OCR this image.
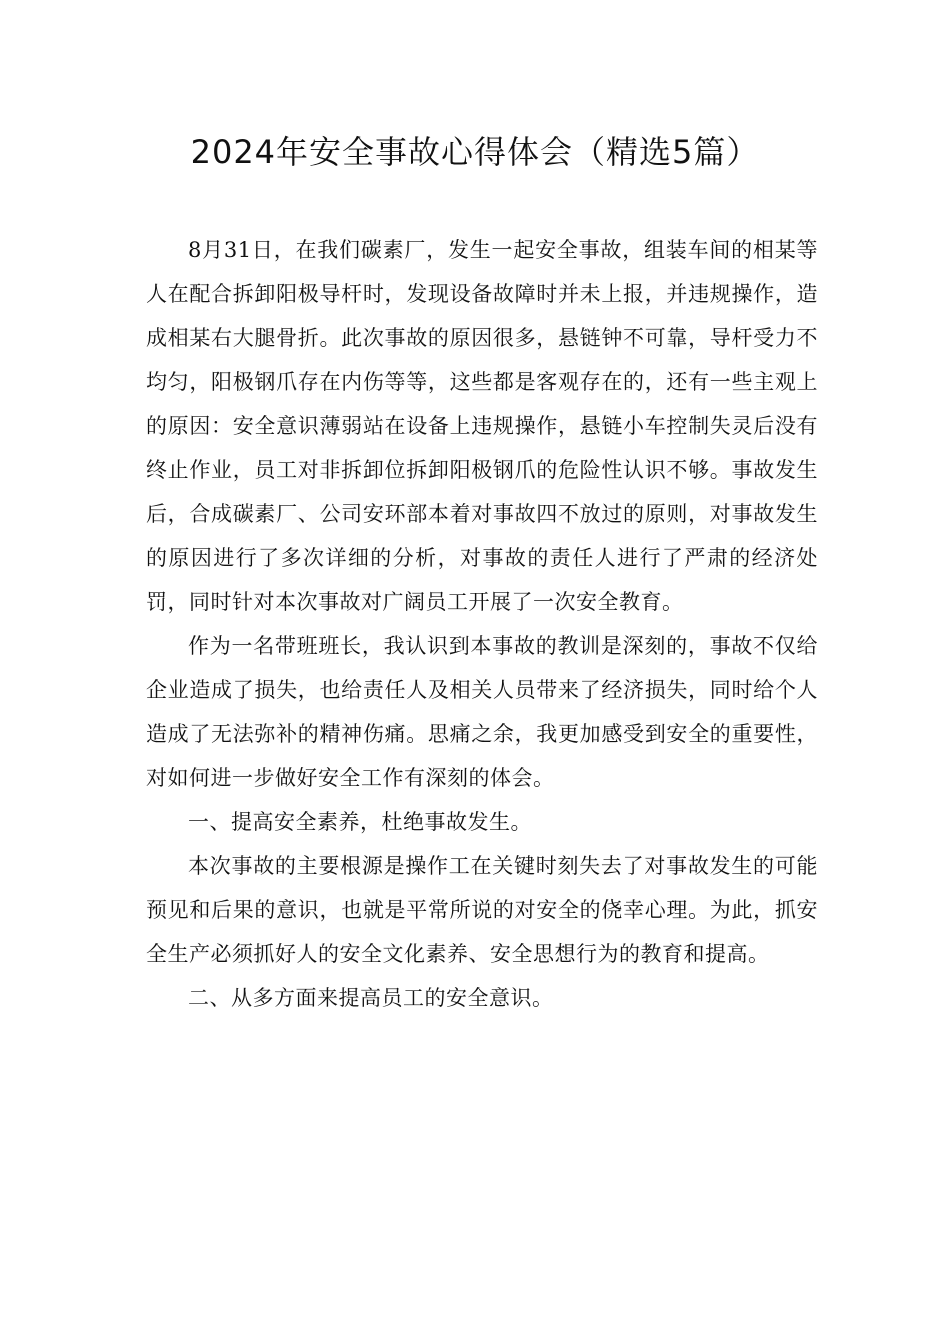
2024年安全事故心得体会（精选5篇）

8月31日，在我们碳素厂，发生一起安全事故，组装车间的相某等人在配合拆卸阳极导杆时，发现设备故障时并未上报，并违规操作，造成相某右大腿骨折。此次事故的原因很多，悬链钟不可靠，导杆受力不均匀，阳极钢爪存在内伤等等，这些都是客观存在的，还有一些主观上的原因：安全意识薄弱站在设备上违规操作，悬链小车控制失灵后没有终止作业，员工对非拆卸位拆卸阳极钢爪的危险性认识不够。事故发生后，合成碳素厂、公司安环部本着对事故四不放过的原则，对事故发生的原因进行了多次详细的分析，对事故的责任人进行了严肃的经济处罚，同时针对本次事故对广阔员工开展了一次安全教育。

作为一名带班班长，我认识到本事故的教训是深刻的，事故不仅给企业造成了损失，也给责任人及相关人员带来了经济损失，同时给个人造成了无法弥补的精神伤痛。思痛之余，我更加感受到安全的重要性，对如何进一步做好安全工作有深刻的体会。

一、提高安全素养，杜绝事故发生。

本次事故的主要根源是操作工在关键时刻失去了对事故发生的可能预见和后果的意识，也就是平常所说的对安全的侥幸心理。为此，抓安全生产必须抓好人的安全文化素养、安全思想行为的教育和提高。

二、从多方面来提高员工的安全意识。
